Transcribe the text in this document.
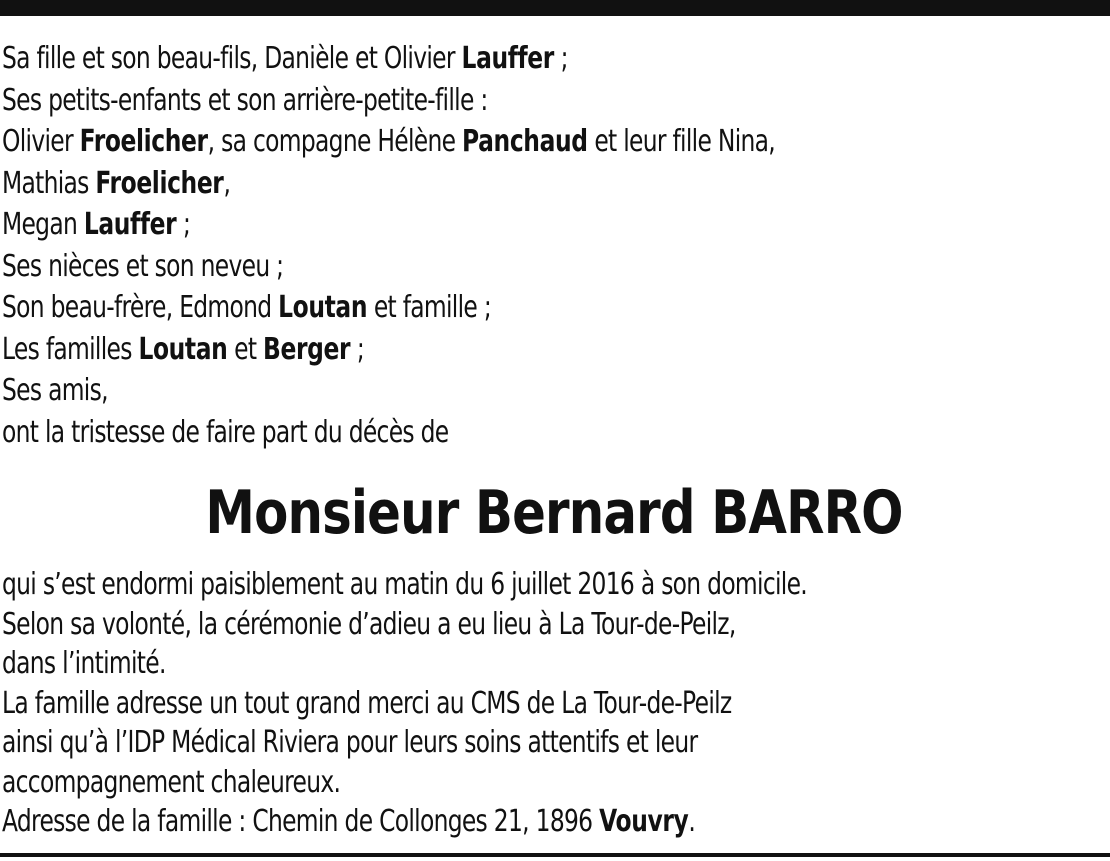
Sa fille et son beau-fils, Danièle et Olivier Lauffer ;
Ses petits-enfants et son arrière-petite-fille :
Olivier Froelicher, sa compagne Hélène Panchaud et leur fille Nina,
Mathias Froelicher,
Megan Lauffer ;
Ses nièces et son neveu ;
Son beau-frère, Edmond Loutan et famille ;
Les familles Loutan et Berger ;
Ses amis,
ont la tristesse de faire part du décès de
Monsieur Bernard BARRO
qui s’est endormi paisiblement au matin du 6 juillet 2016 à son domicile.
Selon sa volonté, la cérémonie d’adieu a eu lieu à La Tour-de-Peilz,
dans l’intimité.
La famille adresse un tout grand merci au CMS de La Tour-de-Peilz
ainsi qu’à l’IDP Médical Riviera pour leurs soins attentifs et leur
accompagnement chaleureux.
Adresse de la famille : Chemin de Collonges 21, 1896 Vouvry.
